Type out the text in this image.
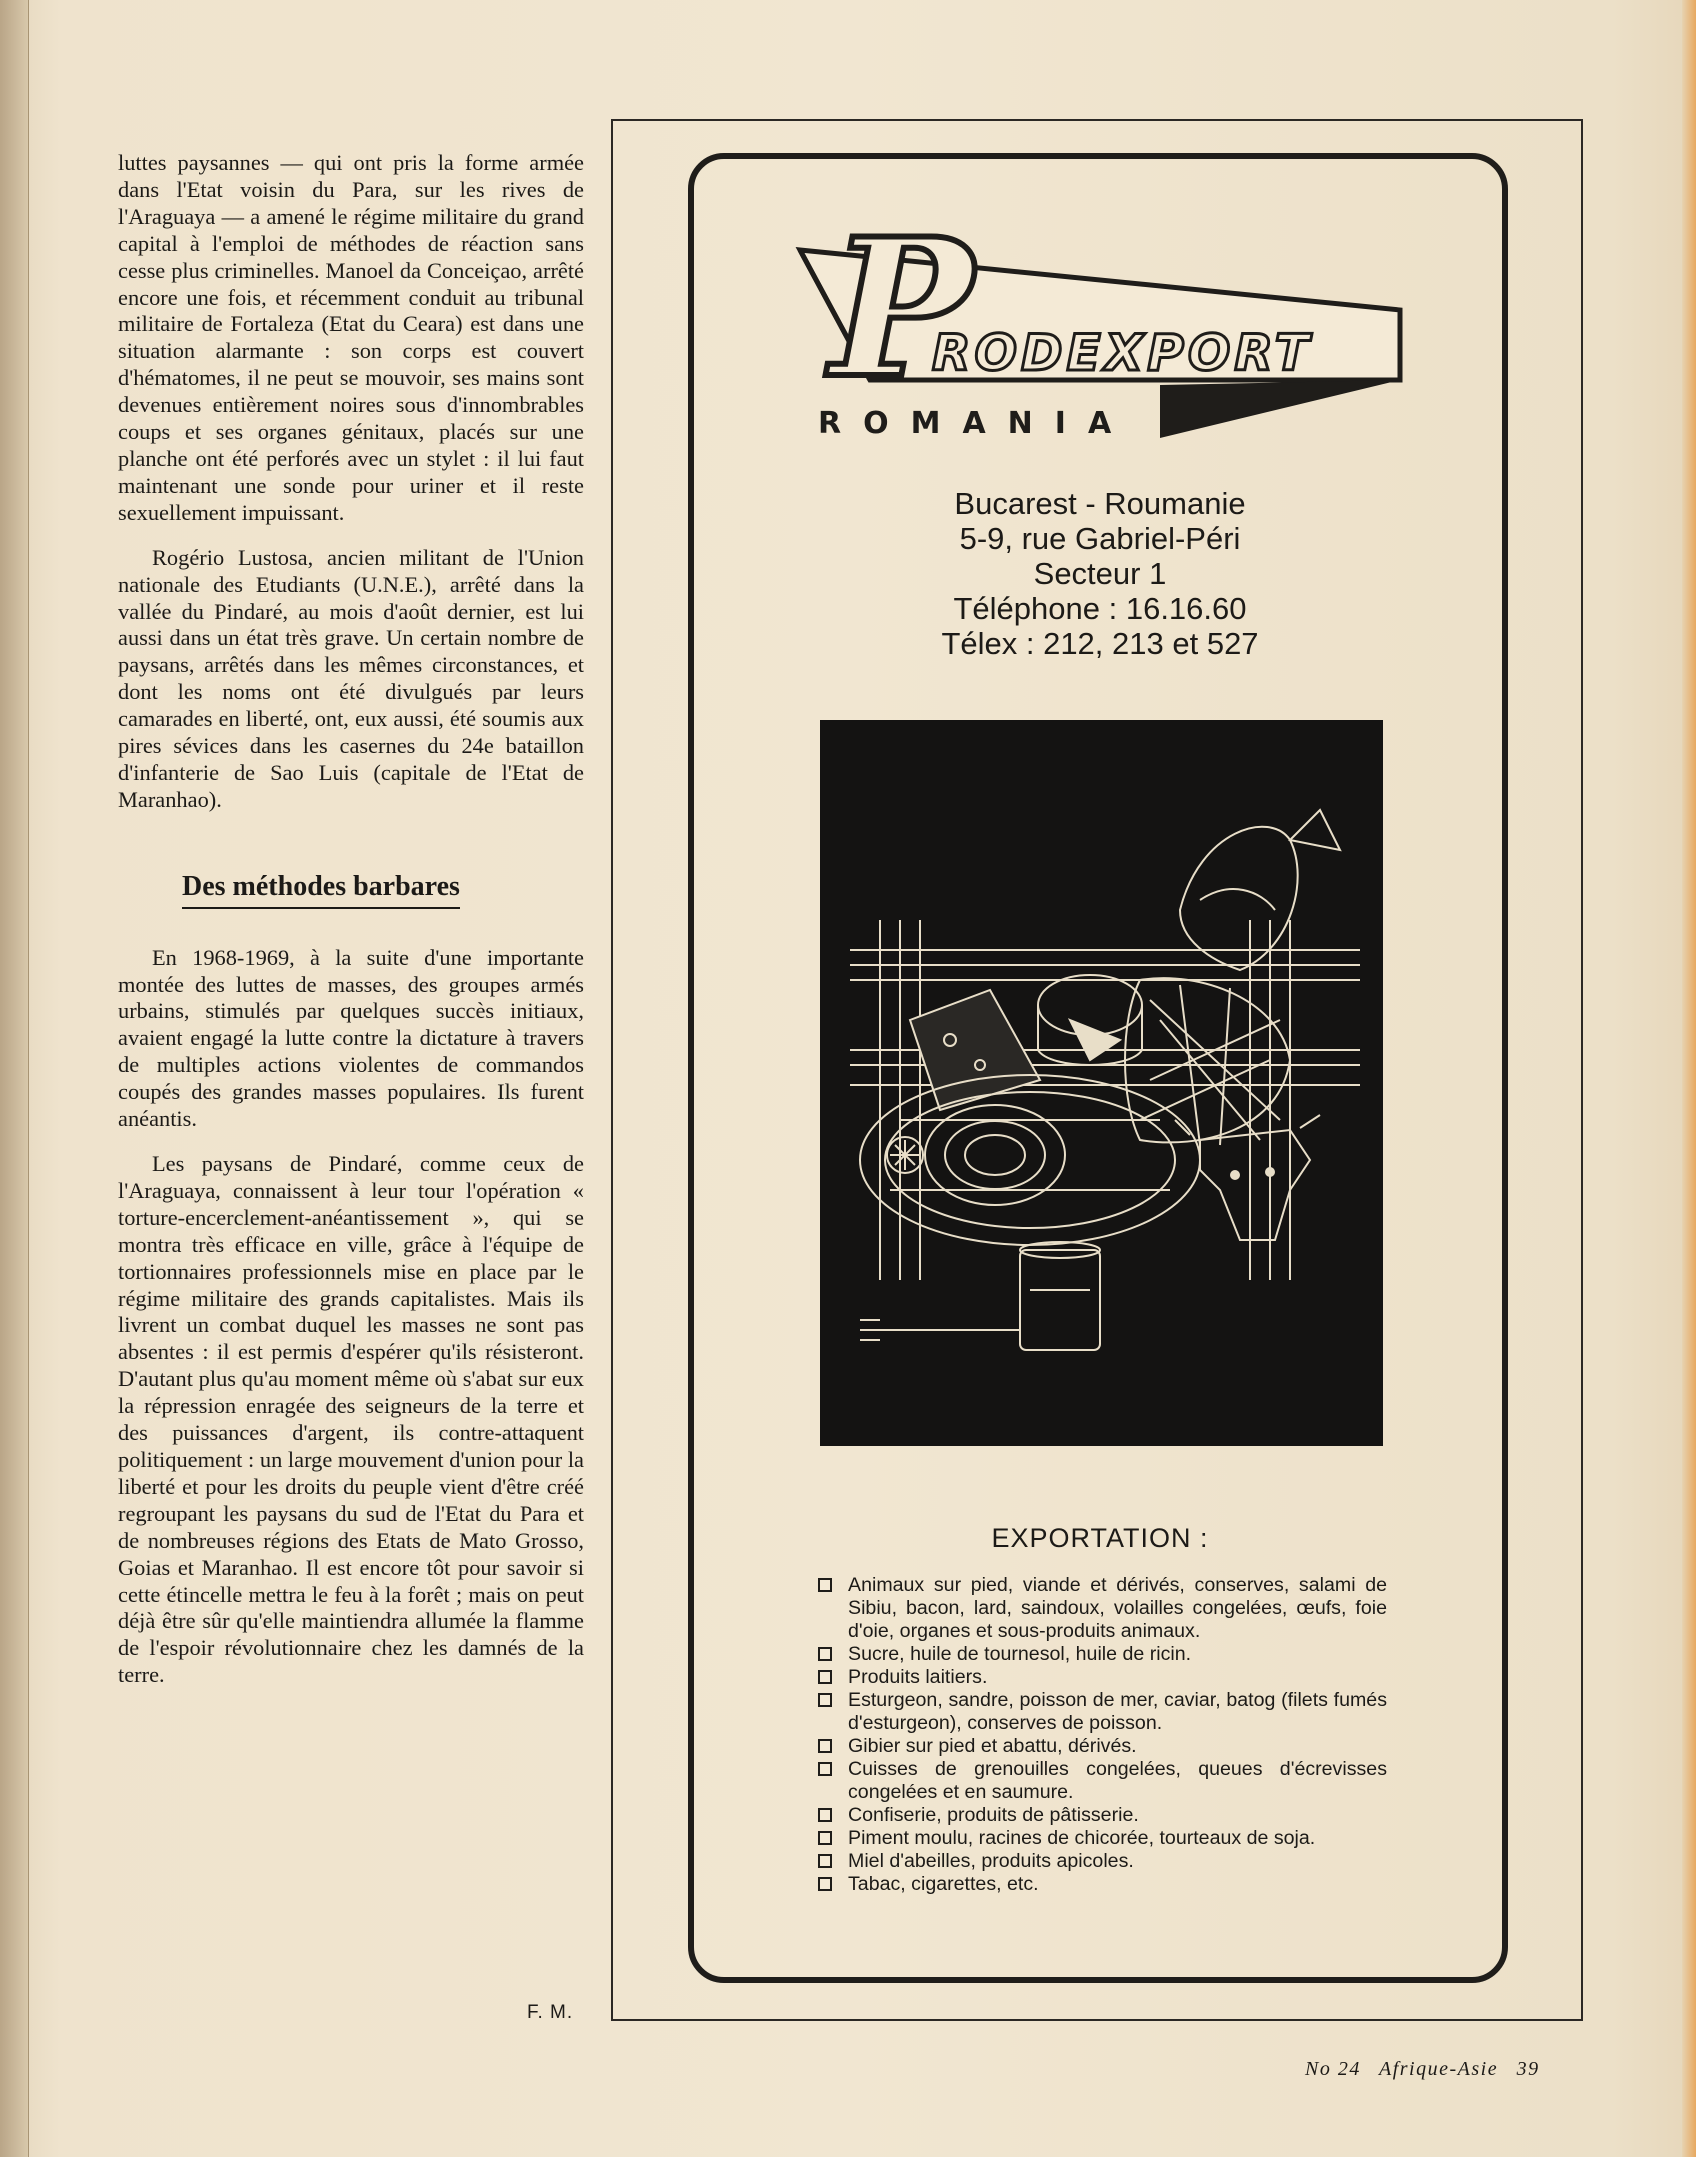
luttes paysannes — qui ont pris la forme armée dans l'Etat voisin du Para, sur les rives de l'Araguaya — a amené le régime militaire du grand capital à l'emploi de méthodes de réaction sans cesse plus criminelles. Manoel da Conceiçao, arrêté encore une fois, et récemment conduit au tribunal militaire de Fortaleza (Etat du Ceara) est dans une situation alarmante : son corps est couvert d'hématomes, il ne peut se mouvoir, ses mains sont devenues entièrement noires sous d'innombrables coups et ses organes génitaux, placés sur une planche ont été perforés avec un stylet : il lui faut maintenant une sonde pour uriner et il reste sexuellement impuissant.

Rogério Lustosa, ancien militant de l'Union nationale des Etudiants (U.N.E.), arrêté dans la vallée du Pindaré, au mois d'août dernier, est lui aussi dans un état très grave. Un certain nombre de paysans, arrêtés dans les mêmes circonstances, et dont les noms ont été divulgués par leurs camarades en liberté, ont, eux aussi, été soumis aux pires sévices dans les casernes du 24e bataillon d'infanterie de Sao Luis (capitale de l'Etat de Maranhao).

Des méthodes barbares

En 1968-1969, à la suite d'une importante montée des luttes de masses, des groupes armés urbains, stimulés par quelques succès initiaux, avaient engagé la lutte contre la dictature à travers de multiples actions violentes de commandos coupés des grandes masses populaires. Ils furent anéantis.

Les paysans de Pindaré, comme ceux de l'Araguaya, connaissent à leur tour l'opération « torture-encerclement-anéantissement », qui se montra très efficace en ville, grâce à l'équipe de tortionnaires professionnels mise en place par le régime militaire des grands capitalistes. Mais ils livrent un combat duquel les masses ne sont pas absentes : il est permis d'espérer qu'ils résisteront. D'autant plus qu'au moment même où s'abat sur eux la répression enragée des seigneurs de la terre et des puissances d'argent, ils contre-attaquent politiquement : un large mouvement d'union pour la liberté et pour les droits du peuple vient d'être créé regroupant les paysans du sud de l'Etat du Para et de nombreuses régions des Etats de Mato Grosso, Goias et Maranhao. Il est encore tôt pour savoir si cette étincelle mettra le feu à la forêt ; mais on peut déjà être sûr qu'elle maintiendra allumée la flamme de l'espoir révolutionnaire chez les damnés de la terre.

F. M.
P
RODEXPORT
ROMANIA
Bucarest - Roumanie
5-9, rue Gabriel-Péri
Secteur 1
Téléphone : 16.16.60
Télex : 212, 213 et 527
EXPORTATION :
Animaux sur pied, viande et dérivés, conserves, salami de Sibiu, bacon, lard, saindoux, volailles congelées, œufs, foie d'oie, organes et sous-produits animaux.
Sucre, huile de tournesol, huile de ricin.
Produits laitiers.
Esturgeon, sandre, poisson de mer, caviar, batog (filets fumés d'esturgeon), conserves de poisson.
Gibier sur pied et abattu, dérivés.
Cuisses de grenouilles congelées, queues d'écrevisses congelées et en saumure.
Confiserie, produits de pâtisserie.
Piment moulu, racines de chicorée, tourteaux de soja.
Miel d'abeilles, produits apicoles.
Tabac, cigarettes, etc.
No 24 Afrique-Asie 39
